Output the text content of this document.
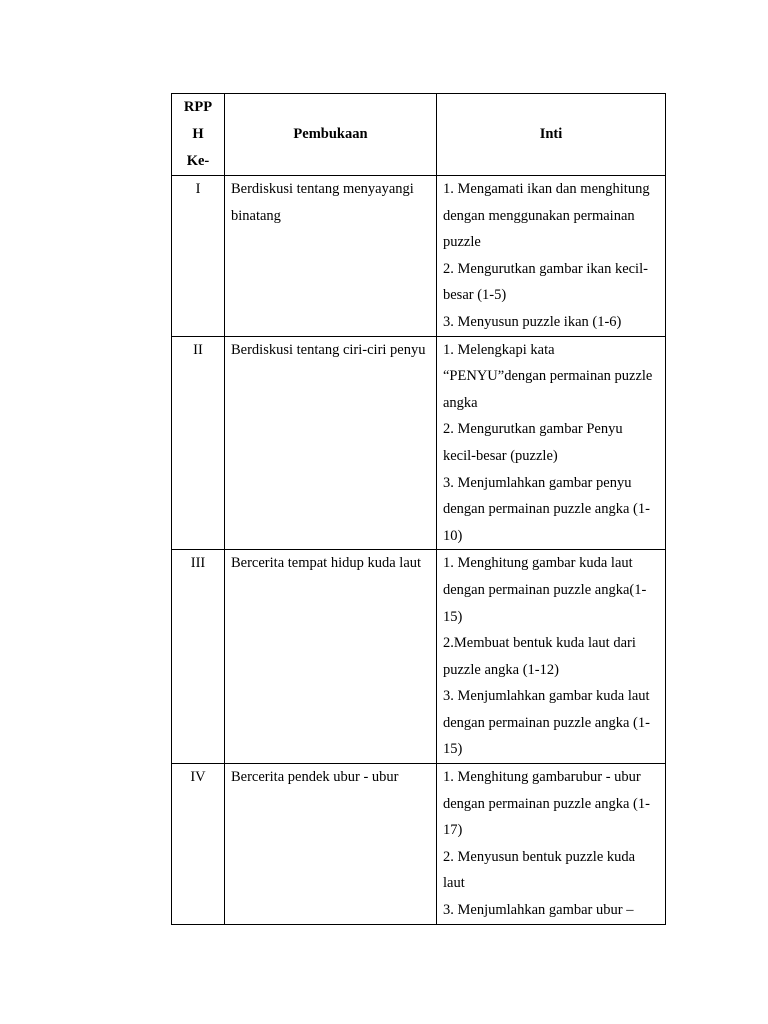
RPP
H
Ke-	Pembukaan	Inti
I	Berdiskusi tentang menyayangi binatang	1. Mengamati ikan dan menghitung dengan menggunakan permainan puzzle
2. Mengurutkan gambar ikan kecil-besar (1-5)
3. Menyusun puzzle ikan (1-6)

II	Berdiskusi tentang ciri-ciri penyu	1. Melengkapi kata “PENYU”dengan permainan puzzle angka
2. Mengurutkan gambar Penyu kecil-besar (puzzle)
3. Menjumlahkan gambar penyu dengan permainan puzzle angka (1-10)

III	Bercerita tempat hidup kuda laut	1. Menghitung gambar kuda laut dengan permainan puzzle angka(1-15)
2.Membuat bentuk kuda laut dari puzzle angka (1-12)
3. Menjumlahkan gambar kuda laut dengan permainan puzzle angka (1-15)

IV	Bercerita pendek ubur - ubur	1. Menghitung gambarubur - ubur dengan permainan puzzle angka (1-17)
2. Menyusun bentuk puzzle kuda laut
3. Menjumlahkan gambar ubur –
